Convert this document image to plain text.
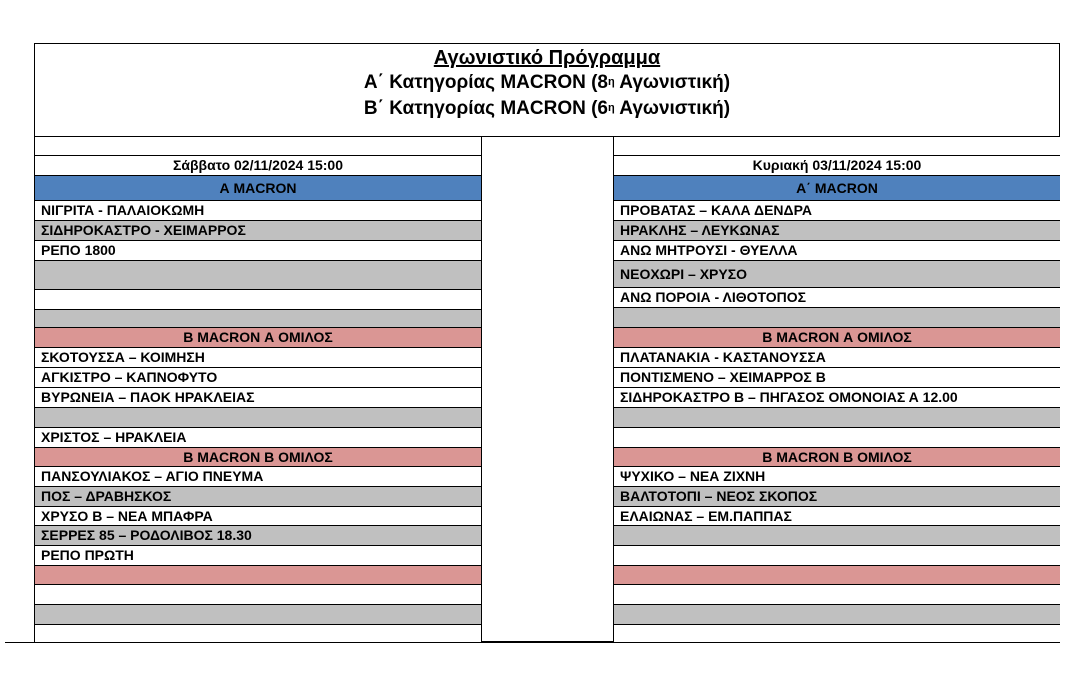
Αγωνιστικό Πρόγραμμα
Α΄ Κατηγορίας MACRON ($8^\eta$ Αγωνιστική)
Β΄ Κατηγορίας MACRON ($6^\eta$ Αγωνιστική)
Σάββατο 02/11/2024 15:00
Α MACRON
ΝΙΓΡΙΤΑ - ΠΑΛΑΙΟΚΩΜΗ
ΣΙΔΗΡΟΚΑΣΤΡΟ - ΧΕΙΜΑΡΡΟΣ
ΡΕΠΟ 1800
Β MACRON Α ΟΜΙΛΟΣ
ΣΚΟΤΟΥΣΣΑ – ΚΟΙΜΗΣΗ
ΑΓΚΙΣΤΡΟ – ΚΑΠΝΟΦΥΤΟ
ΒΥΡΩΝΕΙΑ – ΠΑΟΚ ΗΡΑΚΛΕΙΑΣ
ΧΡΙΣΤΟΣ – ΗΡΑΚΛΕΙΑ
Β MACRON Β ΟΜΙΛΟΣ
ΠΑΝΣΟΥΛΙΑΚΟΣ – ΑΓΙΟ ΠΝΕΥΜΑ
ΠΟΣ – ΔΡΑΒΗΣΚΟΣ
ΧΡΥΣΟ Β – ΝΕΑ ΜΠΑΦΡΑ
ΣΕΡΡΕΣ 85 – ΡΟΔΟΛΙΒΟΣ 18.30
ΡΕΠΟ ΠΡΩΤΗ
Κυριακή 03/11/2024 15:00
Α΄ MACRON
ΠΡΟΒΑΤΑΣ – ΚΑΛΑ ΔΕΝΔΡΑ
ΗΡΑΚΛΗΣ – ΛΕΥΚΩΝΑΣ
ΑΝΩ ΜΗΤΡΟΥΣΙ - ΘΥΕΛΛΑ
ΝΕΟΧΩΡΙ – ΧΡΥΣΟ
ΑΝΩ ΠΟΡΟΙΑ - ΛΙΘΟΤΟΠΟΣ
Β MACRON Α ΟΜΙΛΟΣ
ΠΛΑΤΑΝΑΚΙΑ - ΚΑΣΤΑΝΟΥΣΣΑ
ΠΟΝΤΙΣΜΕΝΟ – ΧΕΙΜΑΡΡΟΣ Β
ΣΙΔΗΡΟΚΑΣΤΡΟ Β – ΠΗΓΑΣΟΣ ΟΜΟΝΟΙΑΣ Α 12.00
Β MACRON Β ΟΜΙΛΟΣ
ΨΥΧΙΚΟ – ΝΕΑ ΖΙΧΝΗ
ΒΑΛΤΟΤΟΠΙ – ΝΕΟΣ ΣΚΟΠΟΣ
ΕΛΑΙΩΝΑΣ – ΕΜ.ΠΑΠΠΑΣ
